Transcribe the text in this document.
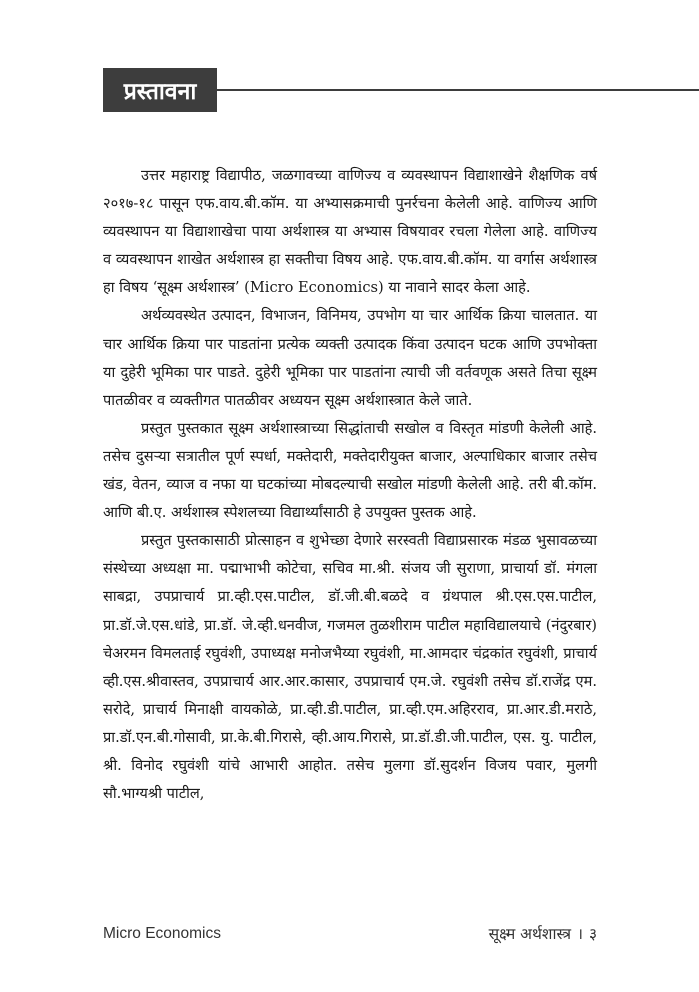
प्रस्तावना

उत्तर महाराष्ट्र विद्यापीठ, जळगावच्या वाणिज्य व व्यवस्थापन विद्याशाखेने शैक्षणिक वर्ष २०१७-१८ पासून एफ.वाय.बी.कॉम. या अभ्यासक्रमाची पुनर्रचना केलेली आहे. वाणिज्य आणि व्यवस्थापन या विद्याशाखेचा पाया अर्थशास्त्र या अभ्यास विषयावर रचला गेलेला आहे. वाणिज्य व व्यवस्थापन शाखेत अर्थशास्त्र हा सक्तीचा विषय आहे. एफ.वाय.बी.कॉम. या वर्गास अर्थशास्त्र हा विषय ‘सूक्ष्म अर्थशास्त्र’ (Micro Economics) या नावाने सादर केला आहे.

अर्थव्यवस्थेत उत्पादन, विभाजन, विनिमय, उपभोग या चार आर्थिक क्रिया चालतात. या चार आर्थिक क्रिया पार पाडतांना प्रत्येक व्यक्ती उत्पादक किंवा उत्पादन घटक आणि उपभोक्ता या दुहेरी भूमिका पार पाडते. दुहेरी भूमिका पार पाडतांना त्याची जी वर्तवणूक असते तिचा सूक्ष्म पातळीवर व व्यक्तीगत पातळीवर अध्ययन सूक्ष्म अर्थशास्त्रात केले जाते.

प्रस्तुत पुस्तकात सूक्ष्म अर्थशास्त्राच्या सिद्धांताची सखोल व विस्तृत मांडणी केलेली आहे. तसेच दुसऱ्या सत्रातील पूर्ण स्पर्धा, मक्तेदारी, मक्तेदारीयुक्त बाजार, अल्पाधिकार बाजार तसेच खंड, वेतन, व्याज व नफा या घटकांच्या मोबदल्याची सखोल मांडणी केलेली आहे. तरी बी.कॉम. आणि बी.ए. अर्थशास्त्र स्पेशलच्या विद्यार्थ्यांसाठी हे उपयुक्त पुस्तक आहे.

प्रस्तुत पुस्तकासाठी प्रोत्साहन व शुभेच्छा देणारे सरस्वती विद्याप्रसारक मंडळ भुसावळच्या संस्थेच्या अध्यक्षा मा. पद्माभाभी कोटेचा, सचिव मा.श्री. संजय जी सुराणा, प्राचार्या डॉ. मंगला साबद्रा, उपप्राचार्य प्रा.व्ही.एस.पाटील, डॉ.जी.बी.बळदे व ग्रंथपाल श्री.एस.एस.पाटील, प्रा.डॉ.जे.एस.धांडे, प्रा.डॉ. जे.व्ही.धनवीज, गजमल तुळशीराम पाटील महाविद्यालयाचे (नंदुरबार) चेअरमन विमलताई रघुवंशी, उपाध्यक्ष मनोजभैय्या रघुवंशी, मा.आमदार चंद्रकांत रघुवंशी, प्राचार्य व्ही.एस.श्रीवास्तव, उपप्राचार्य आर.आर.कासार, उपप्राचार्य एम.जे. रघुवंशी तसेच डॉ.राजेंद्र एम. सरोदे, प्राचार्य मिनाक्षी वायकोळे, प्रा.व्ही.डी.पाटील, प्रा.व्ही.एम.अहिरराव, प्रा.आर.डी.मराठे, प्रा.डॉ.एन.बी.गोसावी, प्रा.के.बी.गिरासे, व्ही.आय.गिरासे, प्रा.डॉ.डी.जी.पाटील, एस. यु. पाटील, श्री. विनोद रघुवंशी यांचे आभारी आहोत. तसेच मुलगा डॉ.सुदर्शन विजय पवार, मुलगी सौ.भाग्यश्री पाटील,

Micro Economics	सूक्ष्म अर्थशास्त्र । ३
